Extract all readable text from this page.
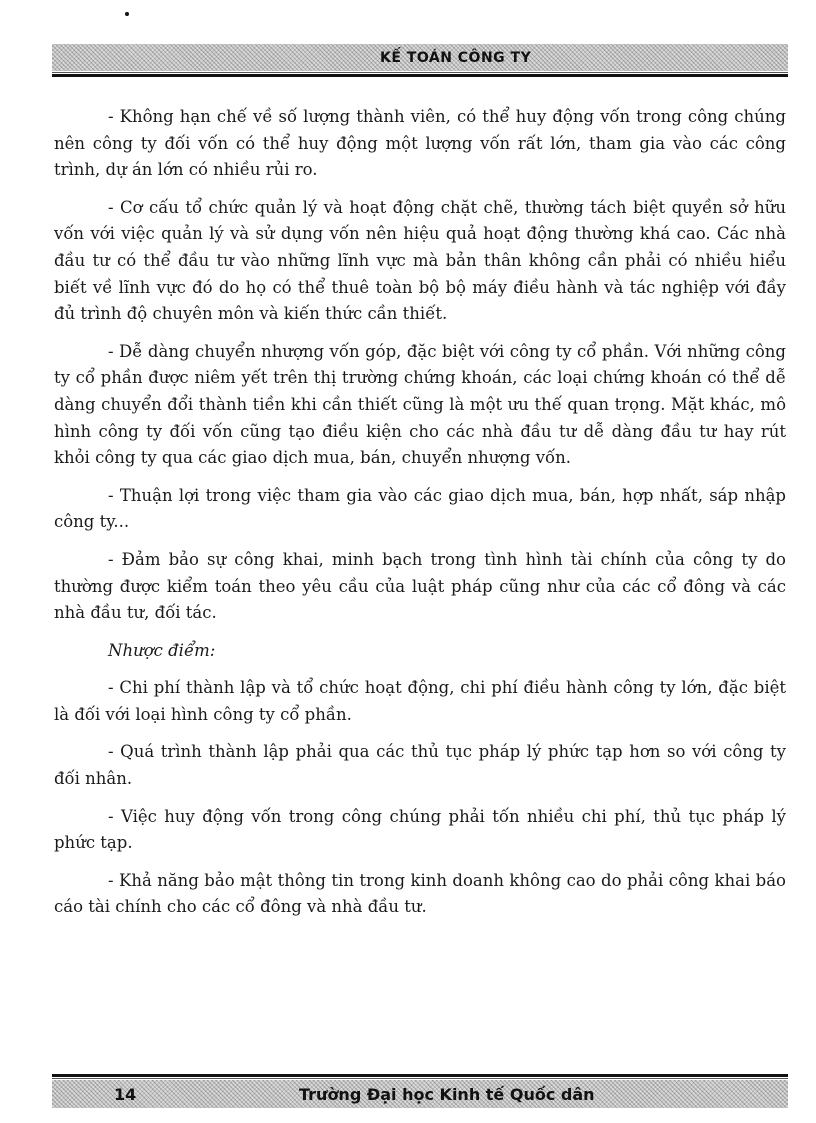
KẾ TOÁN CÔNG TY

- Không hạn chế về số lượng thành viên, có thể huy động vốn trong công chúng nên công ty đối vốn có thể huy động một lượng vốn rất lớn, tham gia vào các công trình, dự án lớn có nhiều rủi ro.

- Cơ cấu tổ chức quản lý và hoạt động chặt chẽ, thường tách biệt quyền sở hữu vốn với việc quản lý và sử dụng vốn nên hiệu quả hoạt động thường khá cao. Các nhà đầu tư có thể đầu tư vào những lĩnh vực mà bản thân không cần phải có nhiều hiểu biết về lĩnh vực đó do họ có thể thuê toàn bộ bộ máy điều hành và tác nghiệp với đầy đủ trình độ chuyên môn và kiến thức cần thiết.

- Dễ dàng chuyển nhượng vốn góp, đặc biệt với công ty cổ phần. Với những công ty cổ phần được niêm yết trên thị trường chứng khoán, các loại chứng khoán có thể dễ dàng chuyển đổi thành tiền khi cần thiết cũng là một ưu thế quan trọng. Mặt khác, mô hình công ty đối vốn cũng tạo điều kiện cho các nhà đầu tư dễ dàng đầu tư hay rút khỏi công ty qua các giao dịch mua, bán, chuyển nhượng vốn.

- Thuận lợi trong việc tham gia vào các giao dịch mua, bán, hợp nhất, sáp nhập công ty...

- Đảm bảo sự công khai, minh bạch trong tình hình tài chính của công ty do thường được kiểm toán theo yêu cầu của luật pháp cũng như của các cổ đông và các nhà đầu tư, đối tác.

Nhược điểm:

- Chi phí thành lập và tổ chức hoạt động, chi phí điều hành công ty lớn, đặc biệt là đối với loại hình công ty cổ phần.

- Quá trình thành lập phải qua các thủ tục pháp lý phức tạp hơn so với công ty đối nhân.

- Việc huy động vốn trong công chúng phải tốn nhiều chi phí, thủ tục pháp lý phức tạp.

- Khả năng bảo mật thông tin trong kinh doanh không cao do phải công khai báo cáo tài chính cho các cổ đông và nhà đầu tư.

14	Trường Đại học Kinh tế Quốc dân
